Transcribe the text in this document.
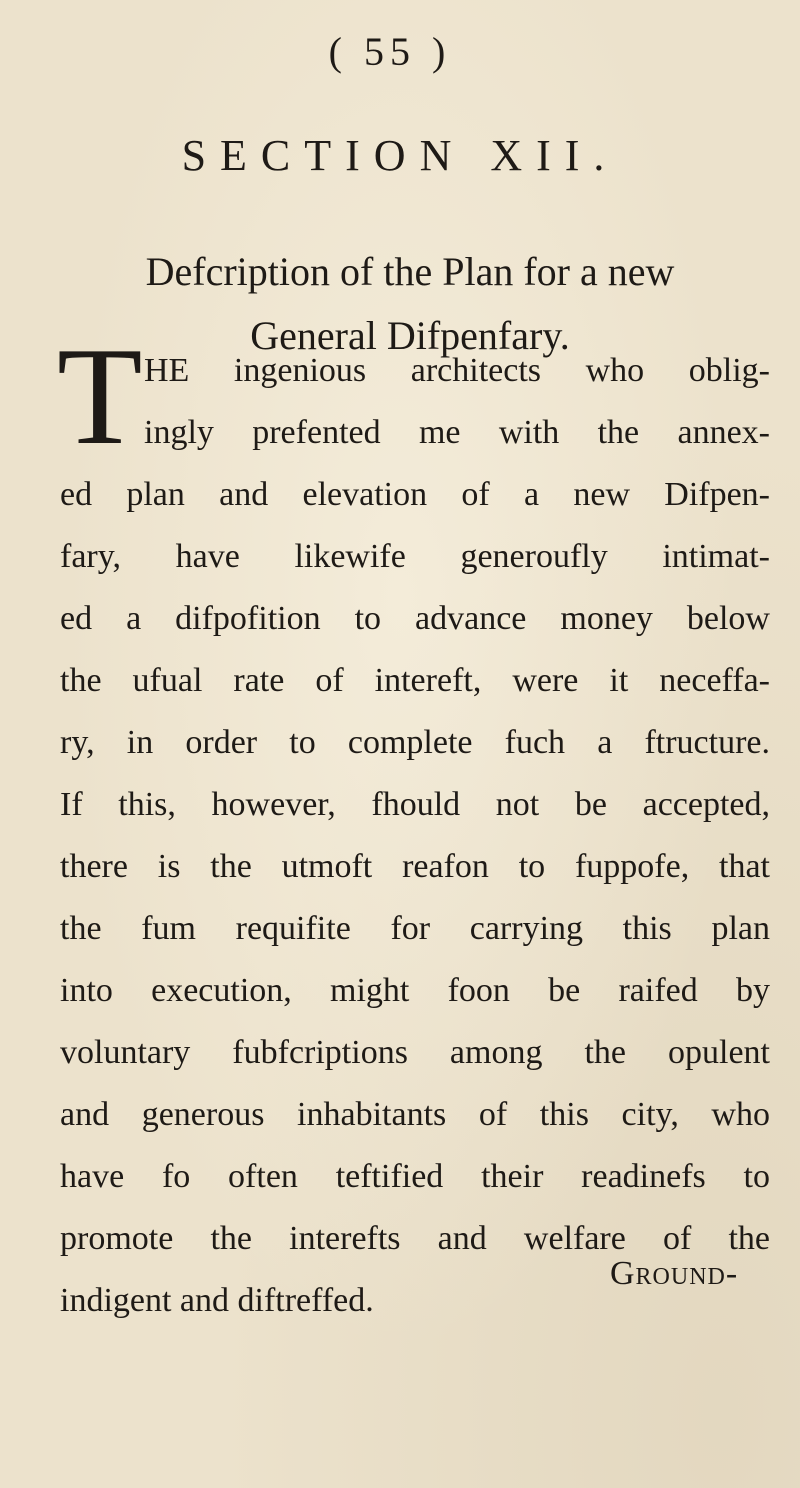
( 55 )
SECTION XII.
Defcription of the Plan for a new
General Difpenfary.
T HE ingenious architects who oblig-
ingly prefented me with the annex-
ed plan and elevation of a new Difpen-
fary, have likewife generoufly intimat-
ed a difpofition to advance money below
the ufual rate of intereft, were it neceffa-
ry, in order to complete fuch a ftructure.
If this, however, fhould not be accepted,
there is the utmoft reafon to fuppofe, that
the fum requifite for carrying this plan
into execution, might foon be raifed by
voluntary fubfcriptions among the opulent
and generous inhabitants of this city, who
have fo often teftified their readinefs to
promote the interefts and welfare of the
indigent and diftreffed.
Ground-
